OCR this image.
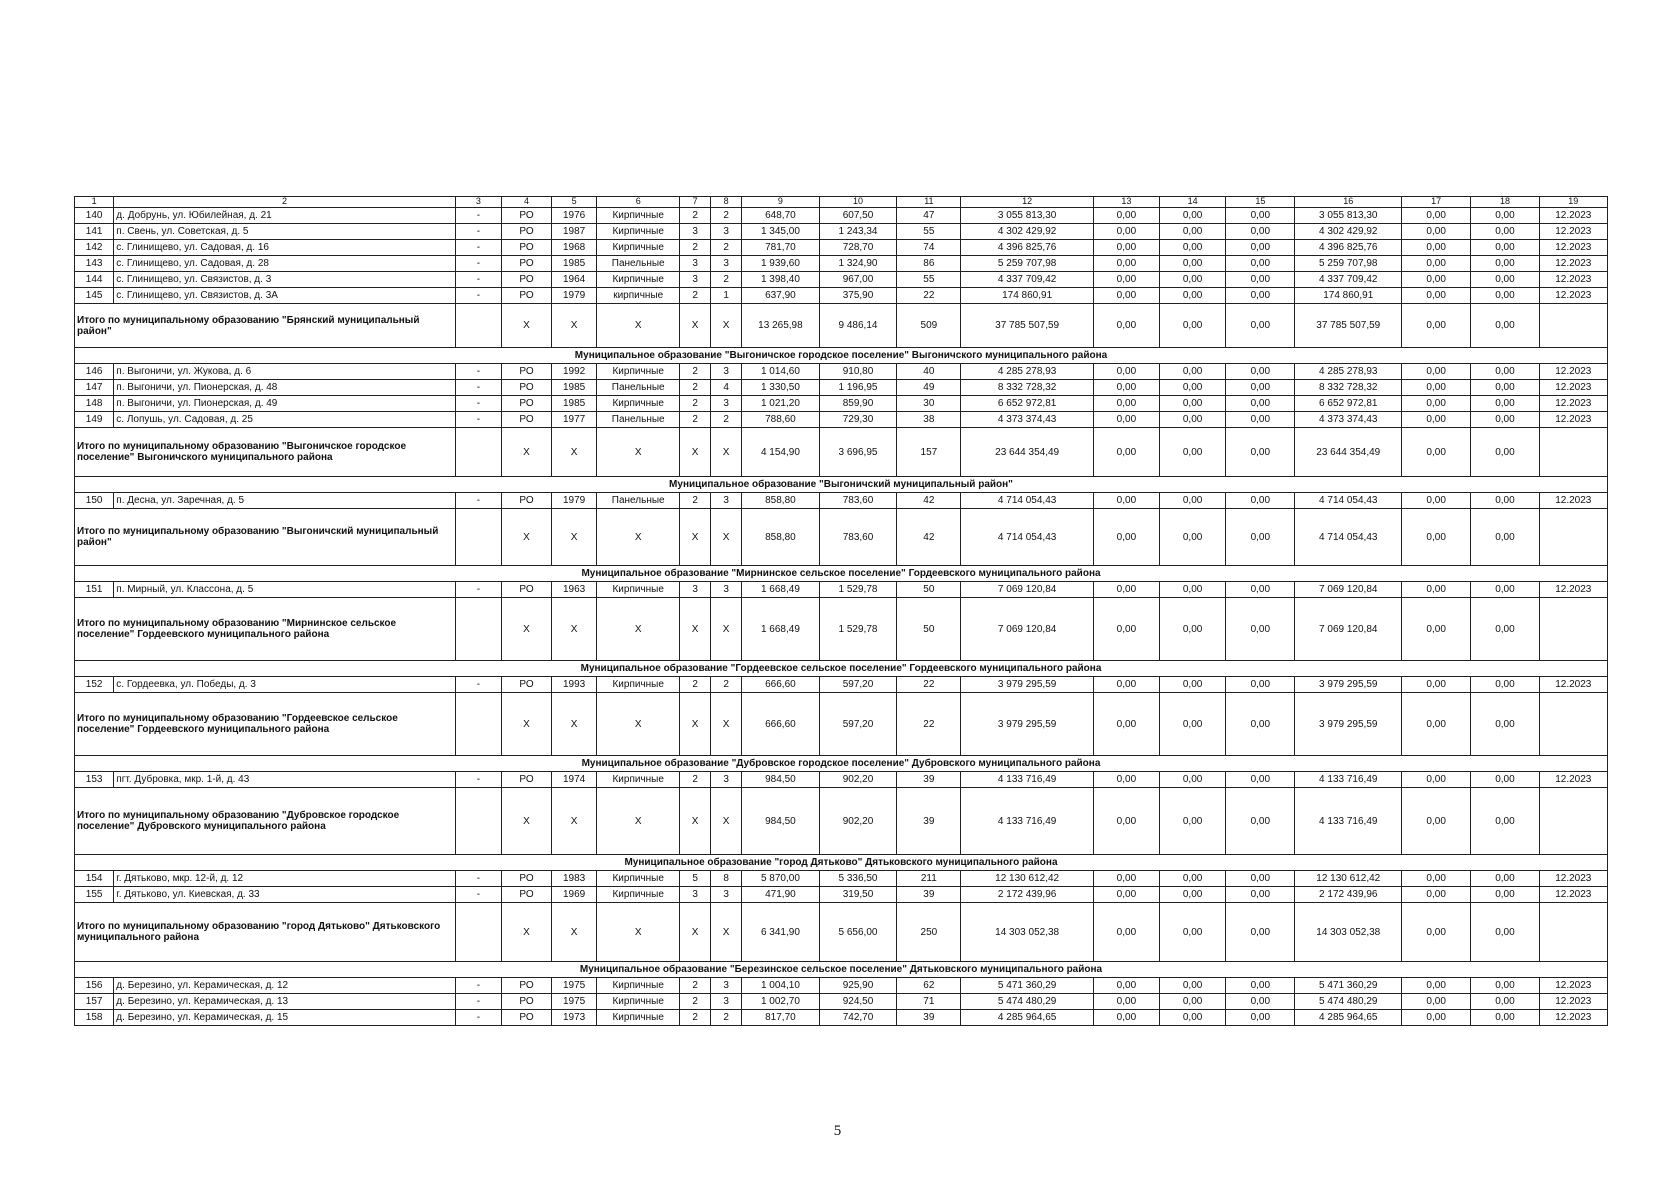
1	2	3	4	5	6	7	8	9	10	11	12	13	14	15	16	17	18	19
140	д. Добрунь, ул. Юбилейная, д. 21	-	РО	1976	Кирпичные	2	2	648,70	607,50	47	3 055 813,30	0,00	0,00	0,00	3 055 813,30	0,00	0,00	12.2023
141	п. Свень, ул. Советская, д. 5	-	РО	1987	Кирпичные	3	3	1 345,00	1 243,34	55	4 302 429,92	0,00	0,00	0,00	4 302 429,92	0,00	0,00	12.2023
142	с. Глинищево, ул. Садовая, д. 16	-	РО	1968	Кирпичные	2	2	781,70	728,70	74	4 396 825,76	0,00	0,00	0,00	4 396 825,76	0,00	0,00	12.2023
143	с. Глинищево, ул. Садовая, д. 28	-	РО	1985	Панельные	3	3	1 939,60	1 324,90	86	5 259 707,98	0,00	0,00	0,00	5 259 707,98	0,00	0,00	12.2023
144	с. Глинищево, ул. Связистов, д. 3	-	РО	1964	Кирпичные	3	2	1 398,40	967,00	55	4 337 709,42	0,00	0,00	0,00	4 337 709,42	0,00	0,00	12.2023
145	с. Глинищево, ул. Связистов, д. 3А	-	РО	1979	кирпичные	2	1	637,90	375,90	22	174 860,91	0,00	0,00	0,00	174 860,91	0,00	0,00	12.2023
Итого по муниципальному образованию "Брянский муниципальный район"			Х	Х	Х	Х	Х	13 265,98	9 486,14	509	37 785 507,59	0,00	0,00	0,00	37 785 507,59	0,00	0,00	
Муниципальное образование "Выгоничское городское поселение" Выгоничского муниципального района																		
146	п. Выгоничи, ул. Жукова, д. 6	-	РО	1992	Кирпичные	2	3	1 014,60	910,80	40	4 285 278,93	0,00	0,00	0,00	4 285 278,93	0,00	0,00	12.2023
147	п. Выгоничи, ул. Пионерская, д. 48	-	РО	1985	Панельные	2	4	1 330,50	1 196,95	49	8 332 728,32	0,00	0,00	0,00	8 332 728,32	0,00	0,00	12.2023
148	п. Выгоничи, ул. Пионерская, д. 49	-	РО	1985	Кирпичные	2	3	1 021,20	859,90	30	6 652 972,81	0,00	0,00	0,00	6 652 972,81	0,00	0,00	12.2023
149	с. Лопушь, ул. Садовая, д. 25	-	РО	1977	Панельные	2	2	788,60	729,30	38	4 373 374,43	0,00	0,00	0,00	4 373 374,43	0,00	0,00	12.2023
Итого по муниципальному образованию "Выгоничское городское поселение" Выгоничского муниципального района			Х	Х	Х	Х	Х	4 154,90	3 696,95	157	23 644 354,49	0,00	0,00	0,00	23 644 354,49	0,00	0,00	
Муниципальное образование "Выгоничский муниципальный район"																		
150	п. Десна, ул. Заречная, д. 5	-	РО	1979	Панельные	2	3	858,80	783,60	42	4 714 054,43	0,00	0,00	0,00	4 714 054,43	0,00	0,00	12.2023
Итого по муниципальному образованию "Выгоничский муниципальный район"			Х	Х	Х	Х	Х	858,80	783,60	42	4 714 054,43	0,00	0,00	0,00	4 714 054,43	0,00	0,00	
Муниципальное образование "Мирнинское сельское поселение" Гордеевского муниципального района																		
151	п. Мирный, ул. Классона, д. 5	-	РО	1963	Кирпичные	3	3	1 668,49	1 529,78	50	7 069 120,84	0,00	0,00	0,00	7 069 120,84	0,00	0,00	12.2023
Итого по муниципальному образованию "Мирнинское сельское поселение" Гордеевского муниципального района			Х	Х	Х	Х	Х	1 668,49	1 529,78	50	7 069 120,84	0,00	0,00	0,00	7 069 120,84	0,00	0,00	
Муниципальное образование "Гордеевское сельское поселение" Гордеевского муниципального района																		
152	с. Гордеевка, ул. Победы, д. 3	-	РО	1993	Кирпичные	2	2	666,60	597,20	22	3 979 295,59	0,00	0,00	0,00	3 979 295,59	0,00	0,00	12.2023
Итого по муниципальному образованию "Гордеевское сельское поселение" Гордеевского муниципального района			Х	Х	Х	Х	Х	666,60	597,20	22	3 979 295,59	0,00	0,00	0,00	3 979 295,59	0,00	0,00	
Муниципальное образование "Дубровское городское поселение" Дубровского муниципального района																		
153	пгт. Дубровка, мкр. 1-й, д. 43	-	РО	1974	Кирпичные	2	3	984,50	902,20	39	4 133 716,49	0,00	0,00	0,00	4 133 716,49	0,00	0,00	12.2023
Итого по муниципальному образованию "Дубровское городское поселение" Дубровского муниципального района			Х	Х	Х	Х	Х	984,50	902,20	39	4 133 716,49	0,00	0,00	0,00	4 133 716,49	0,00	0,00	
Муниципальное образование "город Дятьково" Дятьковского муниципального района																		
154	г. Дятьково, мкр. 12-й, д. 12	-	РО	1983	Кирпичные	5	8	5 870,00	5 336,50	211	12 130 612,42	0,00	0,00	0,00	12 130 612,42	0,00	0,00	12.2023
155	г. Дятьково, ул. Киевская, д. 33	-	РО	1969	Кирпичные	3	3	471,90	319,50	39	2 172 439,96	0,00	0,00	0,00	2 172 439,96	0,00	0,00	12.2023
Итого по муниципальному образованию "город Дятьково" Дятьковского муниципального района			Х	Х	Х	Х	Х	6 341,90	5 656,00	250	14 303 052,38	0,00	0,00	0,00	14 303 052,38	0,00	0,00	
Муниципальное образование "Березинское сельское поселение" Дятьковского муниципального района																		
156	д. Березино, ул. Керамическая, д. 12	-	РО	1975	Кирпичные	2	3	1 004,10	925,90	62	5 471 360,29	0,00	0,00	0,00	5 471 360,29	0,00	0,00	12.2023
157	д. Березино, ул. Керамическая, д. 13	-	РО	1975	Кирпичные	2	3	1 002,70	924,50	71	5 474 480,29	0,00	0,00	0,00	5 474 480,29	0,00	0,00	12.2023
158	д. Березино, ул. Керамическая, д. 15	-	РО	1973	Кирпичные	2	2	817,70	742,70	39	4 285 964,65	0,00	0,00	0,00	4 285 964,65	0,00	0,00	12.2023
5
